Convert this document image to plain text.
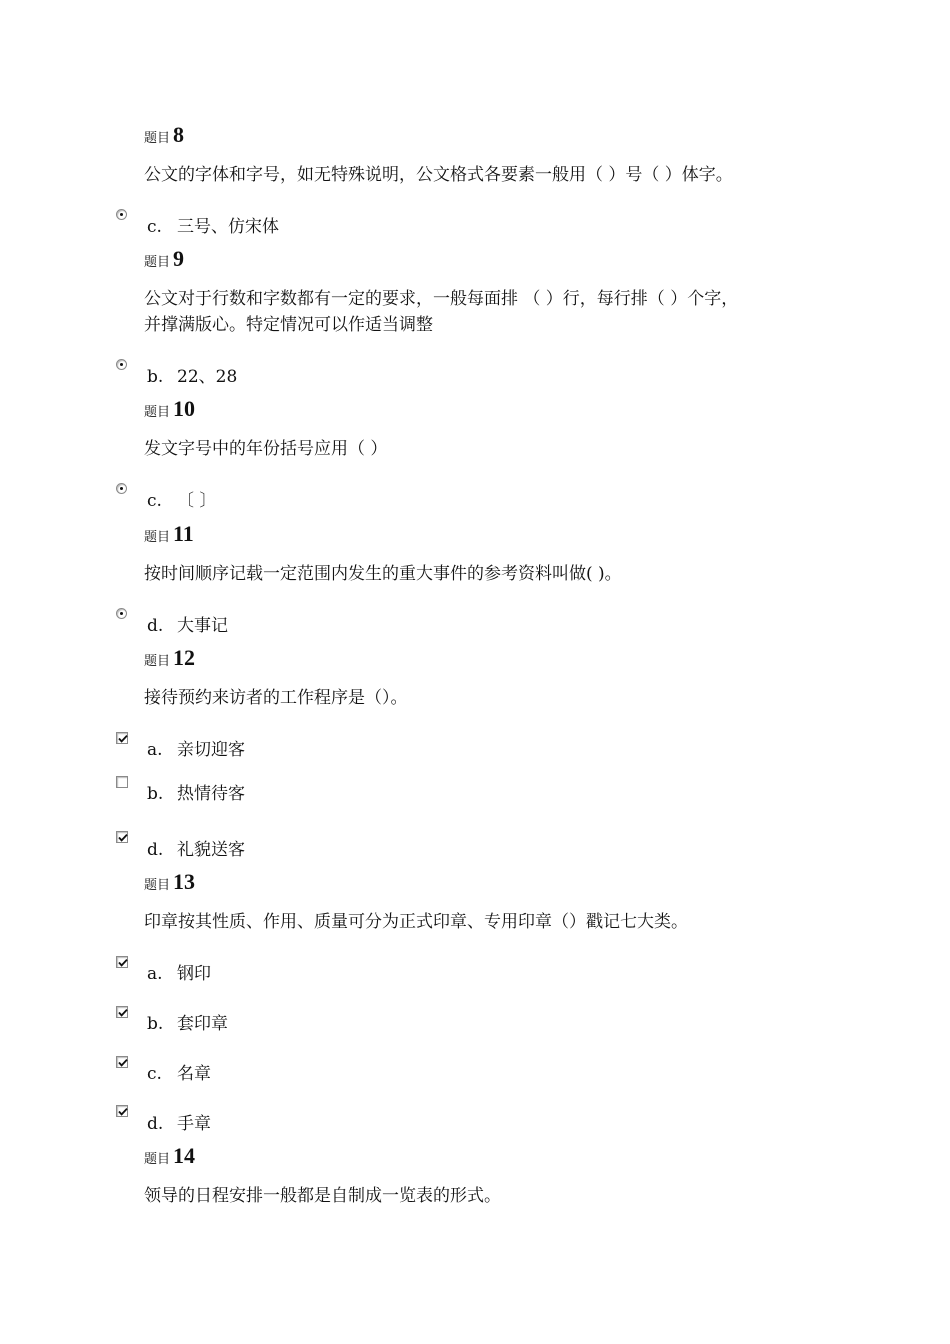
题目 8
公文的字体和字号，如无特殊说明，公文格式各要素一般用（ ）号（ ）体字。
c. 三号、仿宋体
题目 9
公文对于行数和字数都有一定的要求，一般每面排 （ ）行，每行排（ ）个字，
并撑满版心。特定情况可以作适当调整
b. 22、28
题目 10
发文字号中的年份括号应用（ ）
c. 〔 〕
题目 11
按时间顺序记载一定范围内发生的重大事件的参考资料叫做( )。
d. 大事记
题目 12
接待预约来访者的工作程序是（）。
a. 亲切迎客
b. 热情待客
d. 礼貌送客
题目 13
印章按其性质、作用、质量可分为正式印章、专用印章（）戳记七大类。
a. 钢印
b. 套印章
c. 名章
d. 手章
题目 14
领导的日程安排一般都是自制成一览表的形式。
